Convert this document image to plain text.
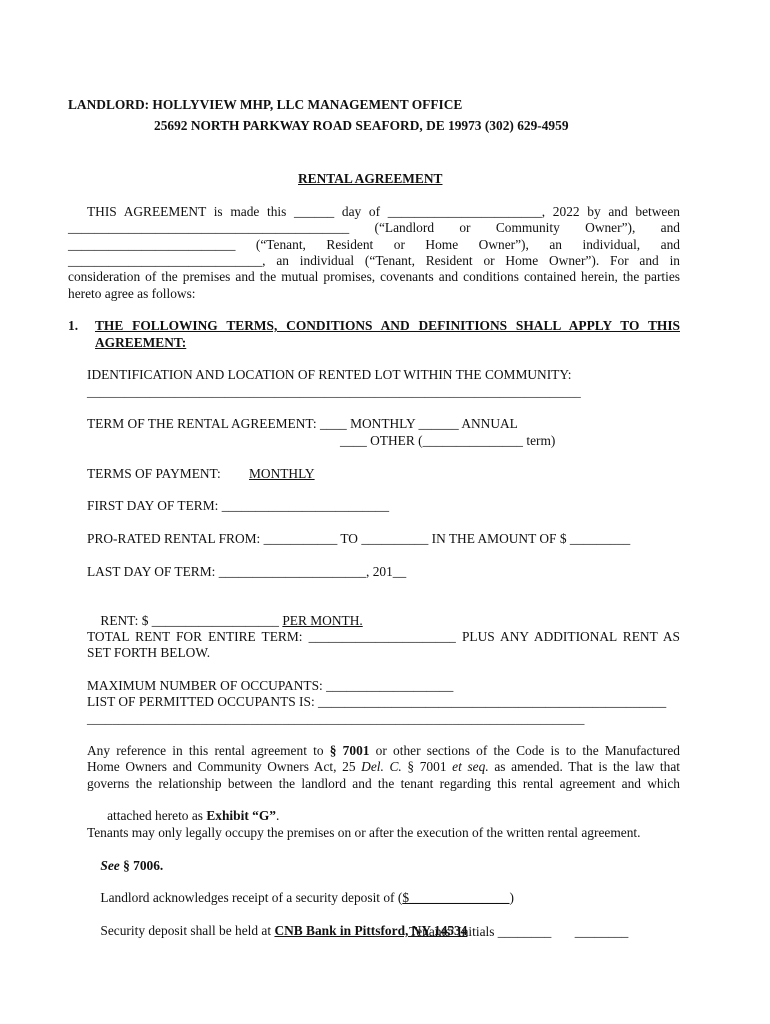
LANDLORD: HOLLYVIEW MHP, LLC MANAGEMENT OFFICE
25692 NORTH PARKWAY ROAD SEAFORD, DE 19973 (302) 629-4959
RENTAL AGREEMENT
THIS AGREEMENT is made this ______ day of _______________________, 2022 by and between
__________________________________________ (“Landlord or Community Owner”), and
_________________________ (“Tenant, Resident or Home Owner”), an individual, and
_____________________________, an individual (“Tenant, Resident or Home Owner”). For and in
consideration of the premises and the mutual promises, covenants and conditions contained herein, the parties
hereto agree as follows:
1. THE FOLLOWING TERMS, CONDITIONS AND DEFINITIONS SHALL APPLY TO THIS
AGREEMENT:
IDENTIFICATION AND LOCATION OF RENTED LOT WITHIN THE COMMUNITY:
_______________________________________________________________________________
TERM OF THE RENTAL AGREEMENT: ____ MONTHLY ______ ANNUAL
____ OTHER (_______________ term)
TERMS OF PAYMENT: MONTHLY
FIRST DAY OF TERM: _________________________
PRO-RATED RENTAL FROM: ___________ TO __________ IN THE AMOUNT OF $ _________
LAST DAY OF TERM: ______________________, 201__

RENT: $ ___________________ PER MONTH.

TOTAL RENT FOR ENTIRE TERM: ______________________ PLUS ANY ADDITIONAL RENT AS
SET FORTH BELOW.
MAXIMUM NUMBER OF OCCUPANTS: ___________________
LIST OF PERMITTED OCCUPANTS IS: ____________________________________________________
_______________________________________________________________________________
Any reference in this rental agreement to § 7001 or other sections of the Code is to the Manufactured
Home Owners and Community Owners Act, 25 Del. C. § 7001 et seq. as amended. That is the law that
governs the relationship between the landlord and the tenant regarding this rental agreement and which

attached hereto as Exhibit “G”.

Tenants may only legally occupy the premises on or after the execution of the written rental agreement.

See § 7006.

Landlord acknowledges receipt of a security deposit of ($_______________)

Security deposit shall be held at CNB Bank in Pittsford, NY 14534

Tenants’ Initials ________       ________
